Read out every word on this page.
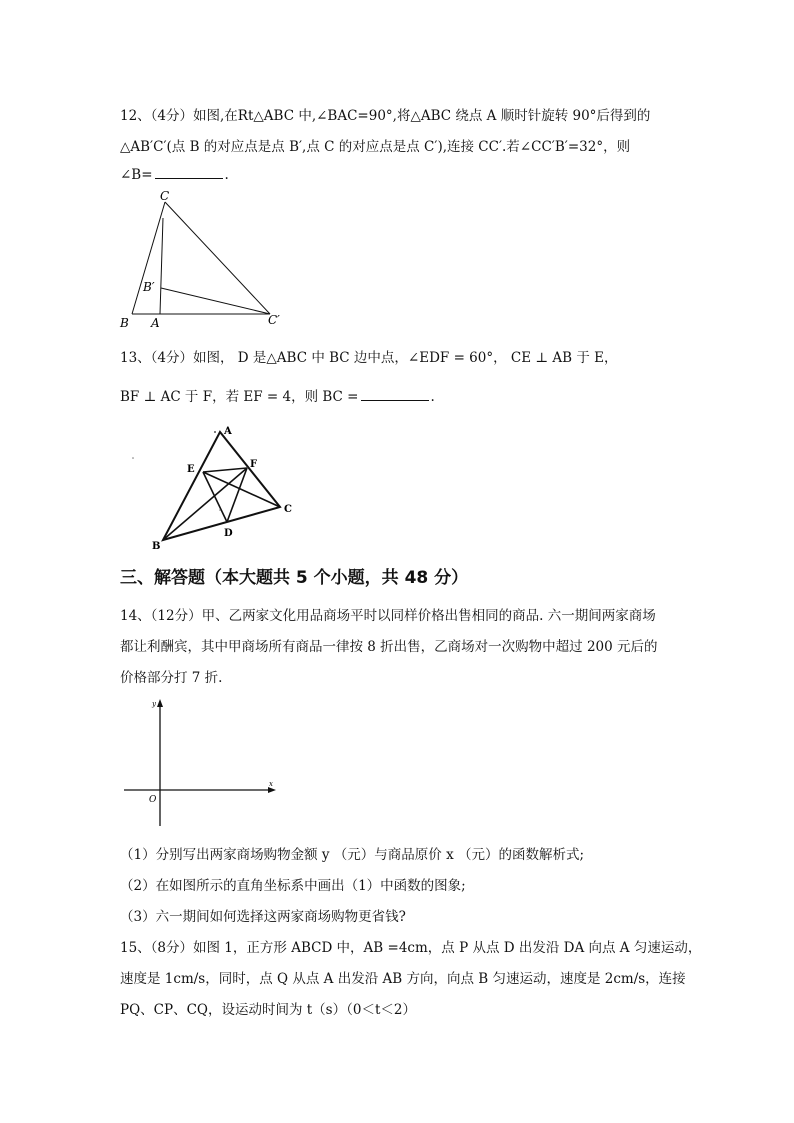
12、（4分）如图,在Rt△ABC 中,∠BAC=90°,将△ABC 绕点 A 顺时针旋转 90°后得到的
△AB′C′(点 B 的对应点是点 B′,点 C 的对应点是点 C′),连接 CC′.若∠CC′B′=32°，则
∠B=	.
C
B′
B A	C′
13、（4分）如图， D 是△ABC 中 BC 边中点，∠EDF = 60°， CE ⊥ AB 于 E，
BF ⊥ AC 于 F，若 EF = 4，则 BC =	.
A
E	F
B
C
D
三、解答题（本大题共 5 个小题，共 48 分）
14、（12分）甲、乙两家文化用品商场平时以同样价格出售相同的商品. 六一期间两家商场
都让利酬宾，其中甲商场所有商品一律按 8 折出售，乙商场对一次购物中超过 200 元后的
价格部分打 7 折.
y
x
O
（1）分别写出两家商场购物金额 y （元）与商品原价 x （元）的函数解析式;
（2）在如图所示的直角坐标系中画出（1）中函数的图象;
（3）六一期间如何选择这两家商场购物更省钱?
15、（8分）如图 1，正方形 ABCD 中，AB =4cm，点 P 从点 D 出发沿 DA 向点 A 匀速运动，
速度是 1cm/s，同时，点 Q 从点 A 出发沿 AB 方向，向点 B 匀速运动，速度是 2cm/s，连接
PQ、CP、CQ，设运动时间为 t（s）（0＜t＜2）
